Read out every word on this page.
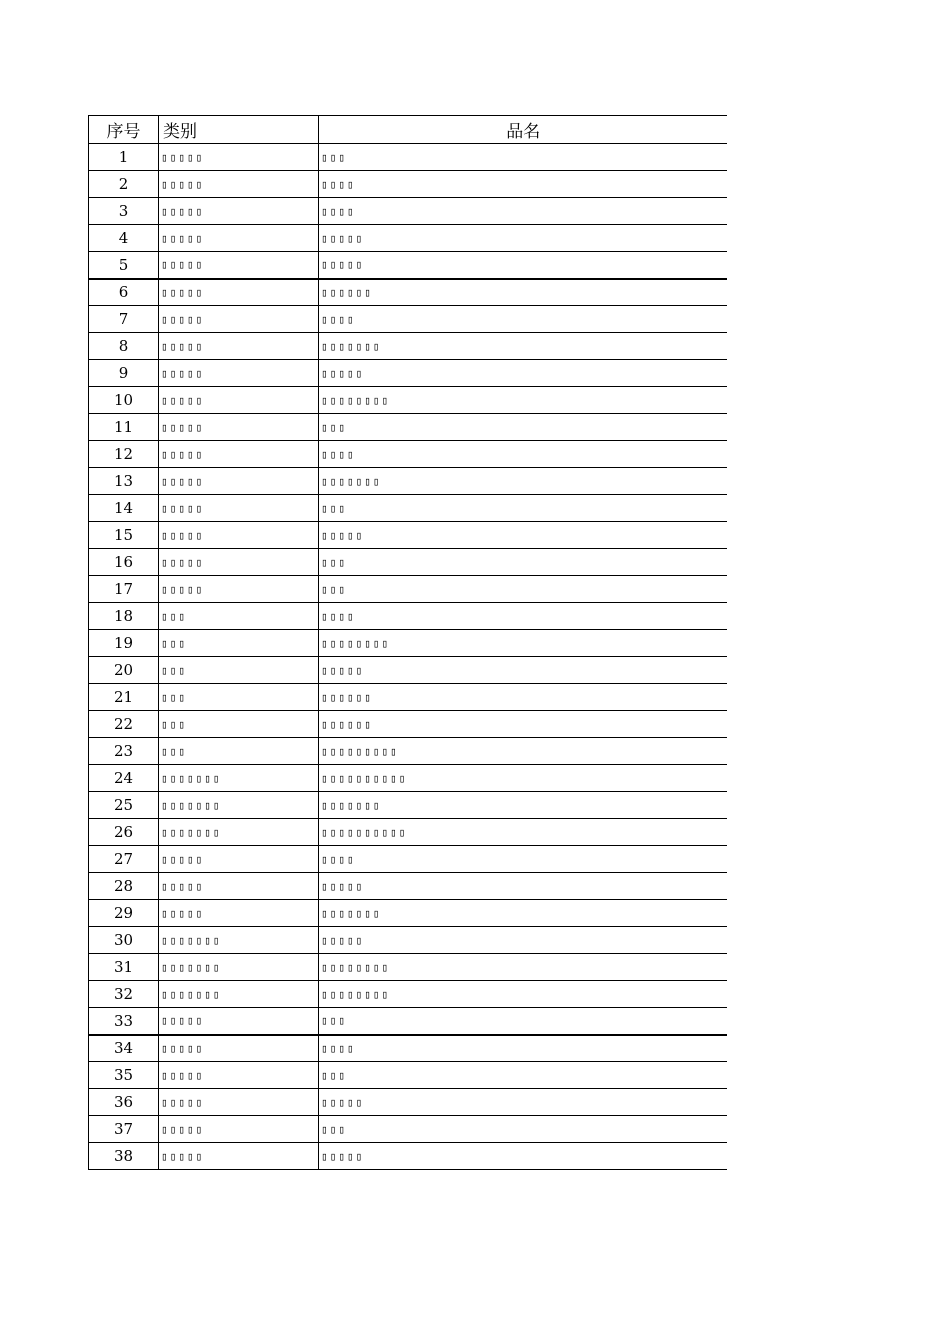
序号	类别	品名
1	▯▯▯▯▯	▯▯▯
2	▯▯▯▯▯	▯▯▯▯
3	▯▯▯▯▯	▯▯▯▯
4	▯▯▯▯▯	▯▯▯▯▯
5	▯▯▯▯▯	▯▯▯▯▯
6	▯▯▯▯▯	▯▯▯▯▯▯
7	▯▯▯▯▯	▯▯▯▯
8	▯▯▯▯▯	▯▯▯▯▯▯▯
9	▯▯▯▯▯	▯▯▯▯▯
10	▯▯▯▯▯	▯▯▯▯▯▯▯▯
11	▯▯▯▯▯	▯▯▯
12	▯▯▯▯▯	▯▯▯▯
13	▯▯▯▯▯	▯▯▯▯▯▯▯
14	▯▯▯▯▯	▯▯▯
15	▯▯▯▯▯	▯▯▯▯▯
16	▯▯▯▯▯	▯▯▯
17	▯▯▯▯▯	▯▯▯
18	▯▯▯	▯▯▯▯
19	▯▯▯	▯▯▯▯▯▯▯▯
20	▯▯▯	▯▯▯▯▯
21	▯▯▯	▯▯▯▯▯▯
22	▯▯▯	▯▯▯▯▯▯
23	▯▯▯	▯▯▯▯▯▯▯▯▯
24	▯▯▯▯▯▯▯	▯▯▯▯▯▯▯▯▯▯
25	▯▯▯▯▯▯▯	▯▯▯▯▯▯▯
26	▯▯▯▯▯▯▯	▯▯▯▯▯▯▯▯▯▯
27	▯▯▯▯▯	▯▯▯▯
28	▯▯▯▯▯	▯▯▯▯▯
29	▯▯▯▯▯	▯▯▯▯▯▯▯
30	▯▯▯▯▯▯▯	▯▯▯▯▯
31	▯▯▯▯▯▯▯	▯▯▯▯▯▯▯▯
32	▯▯▯▯▯▯▯	▯▯▯▯▯▯▯▯
33	▯▯▯▯▯	▯▯▯
34	▯▯▯▯▯	▯▯▯▯
35	▯▯▯▯▯	▯▯▯
36	▯▯▯▯▯	▯▯▯▯▯
37	▯▯▯▯▯	▯▯▯
38	▯▯▯▯▯	▯▯▯▯▯
